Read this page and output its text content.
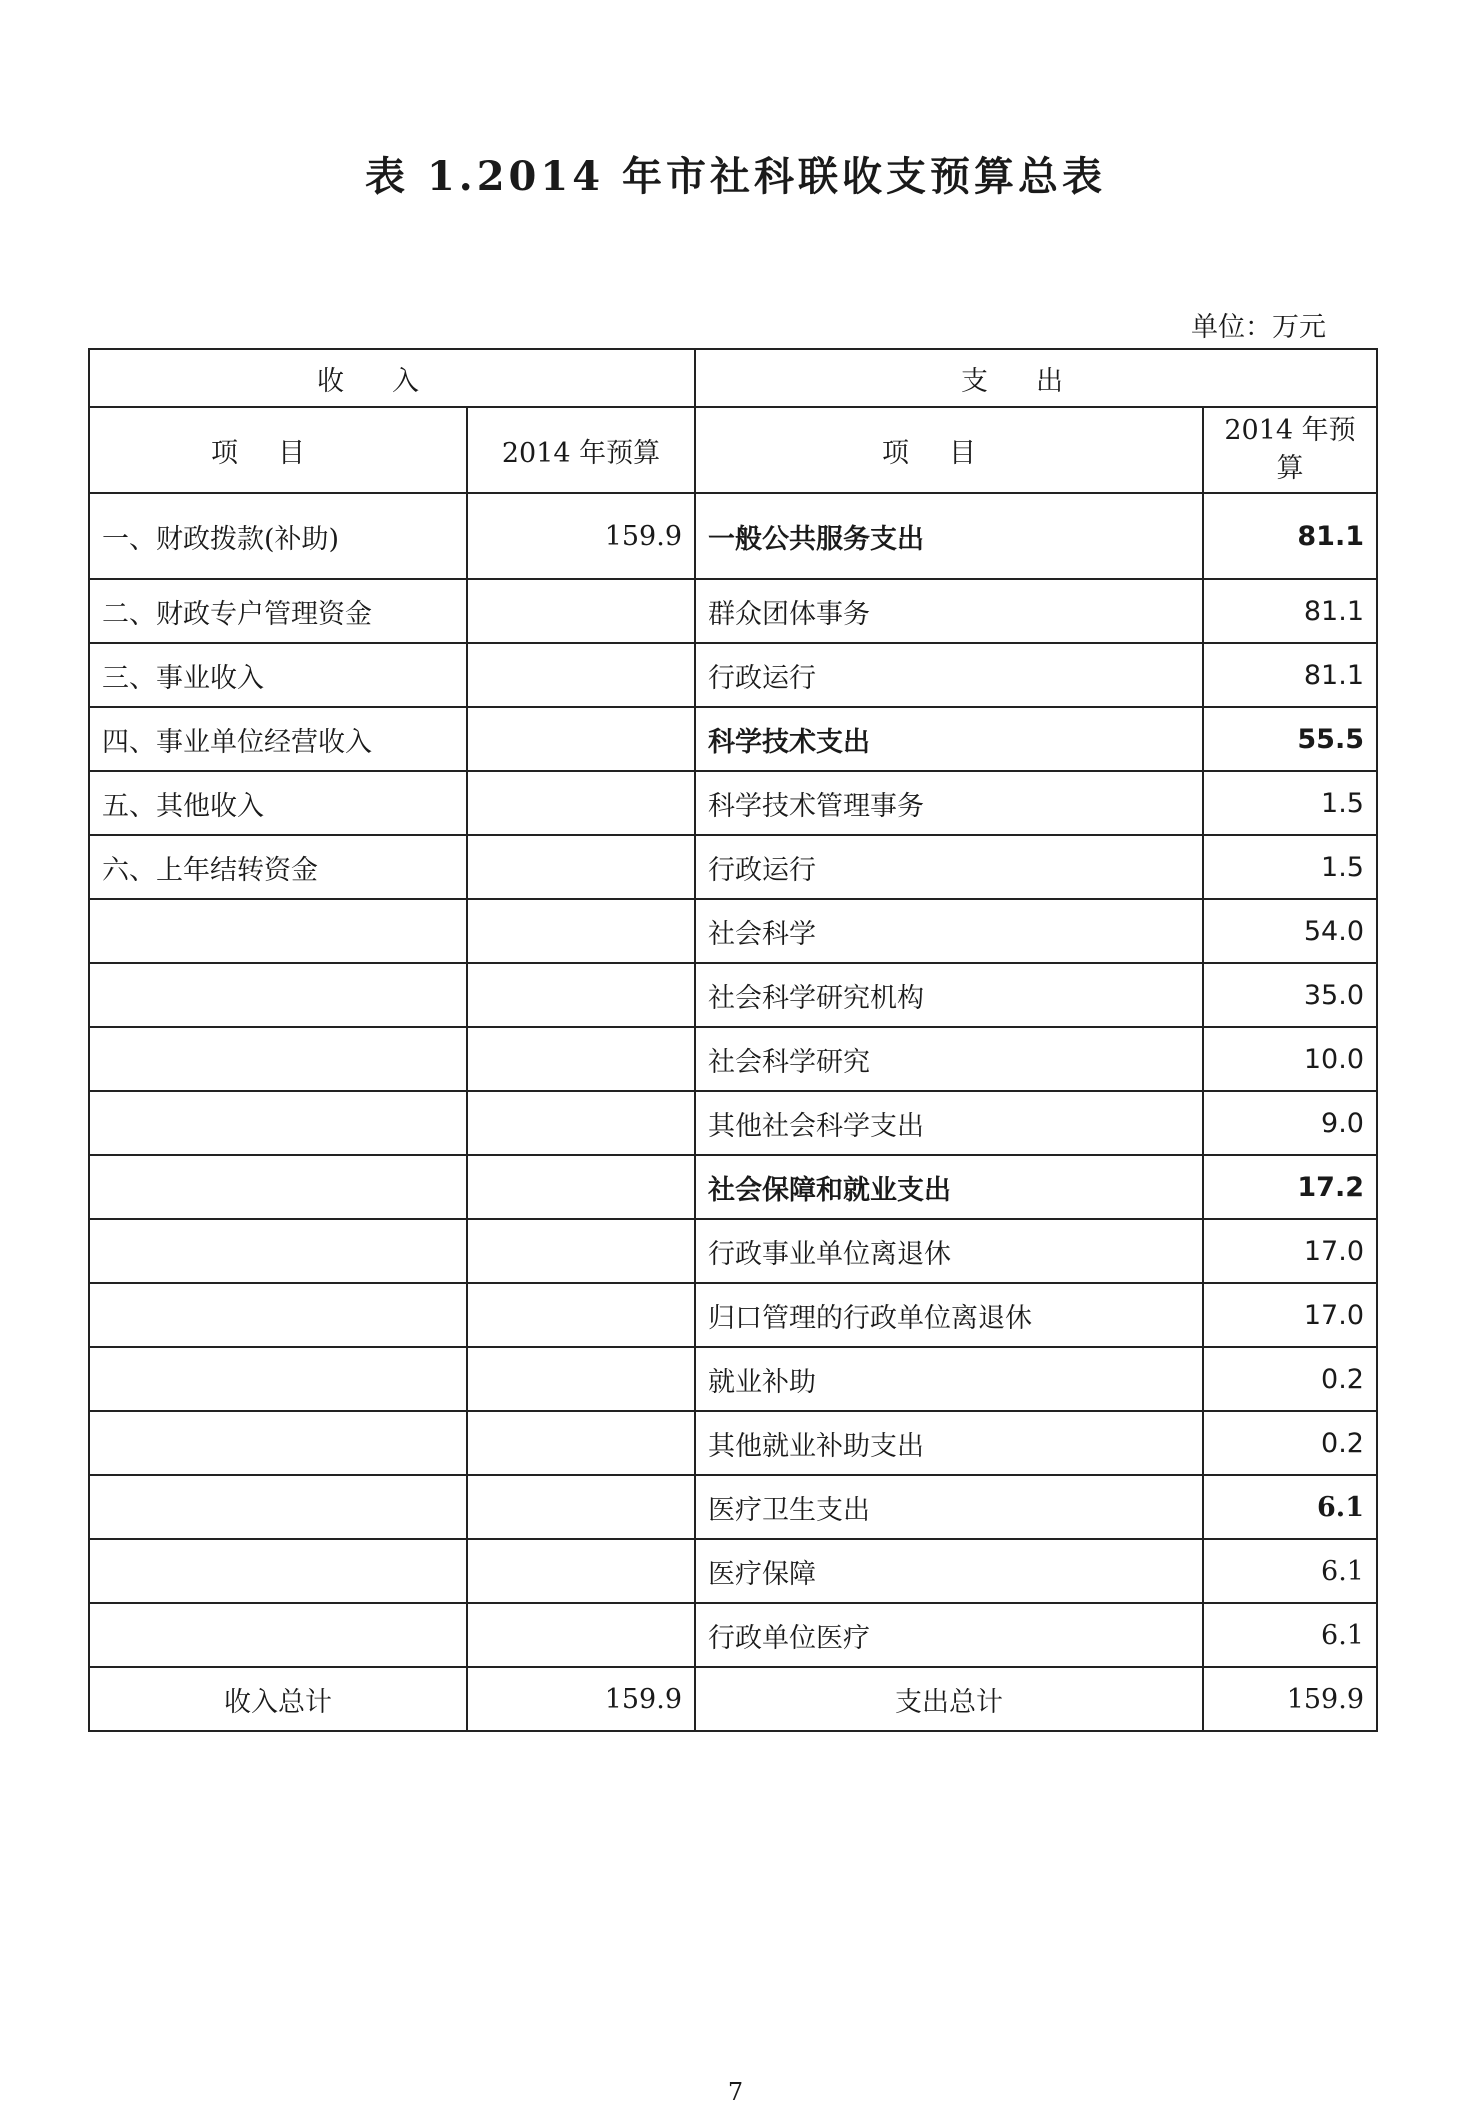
表 1.2014 年市社科联收支预算总表
单位：万元
收入		支出	
项目	2014 年预算	项目	2014 年预算
一、财政拨款(补助)	159.9	一般公共服务支出	81.1
二、财政专户管理资金		群众团体事务	81.1
三、事业收入		行政运行	81.1
四、事业单位经营收入		科学技术支出	55.5
五、其他收入		科学技术管理事务	1.5
六、上年结转资金		行政运行	1.5
		社会科学	54.0
		社会科学研究机构	35.0
		社会科学研究	10.0
		其他社会科学支出	9.0
		社会保障和就业支出	17.2
		行政事业单位离退休	17.0
		归口管理的行政单位离退休	17.0
		就业补助	0.2
		其他就业补助支出	0.2
		医疗卫生支出	6.1
		医疗保障	6.1
		行政单位医疗	6.1
收入总计	159.9	支出总计	159.9
7
